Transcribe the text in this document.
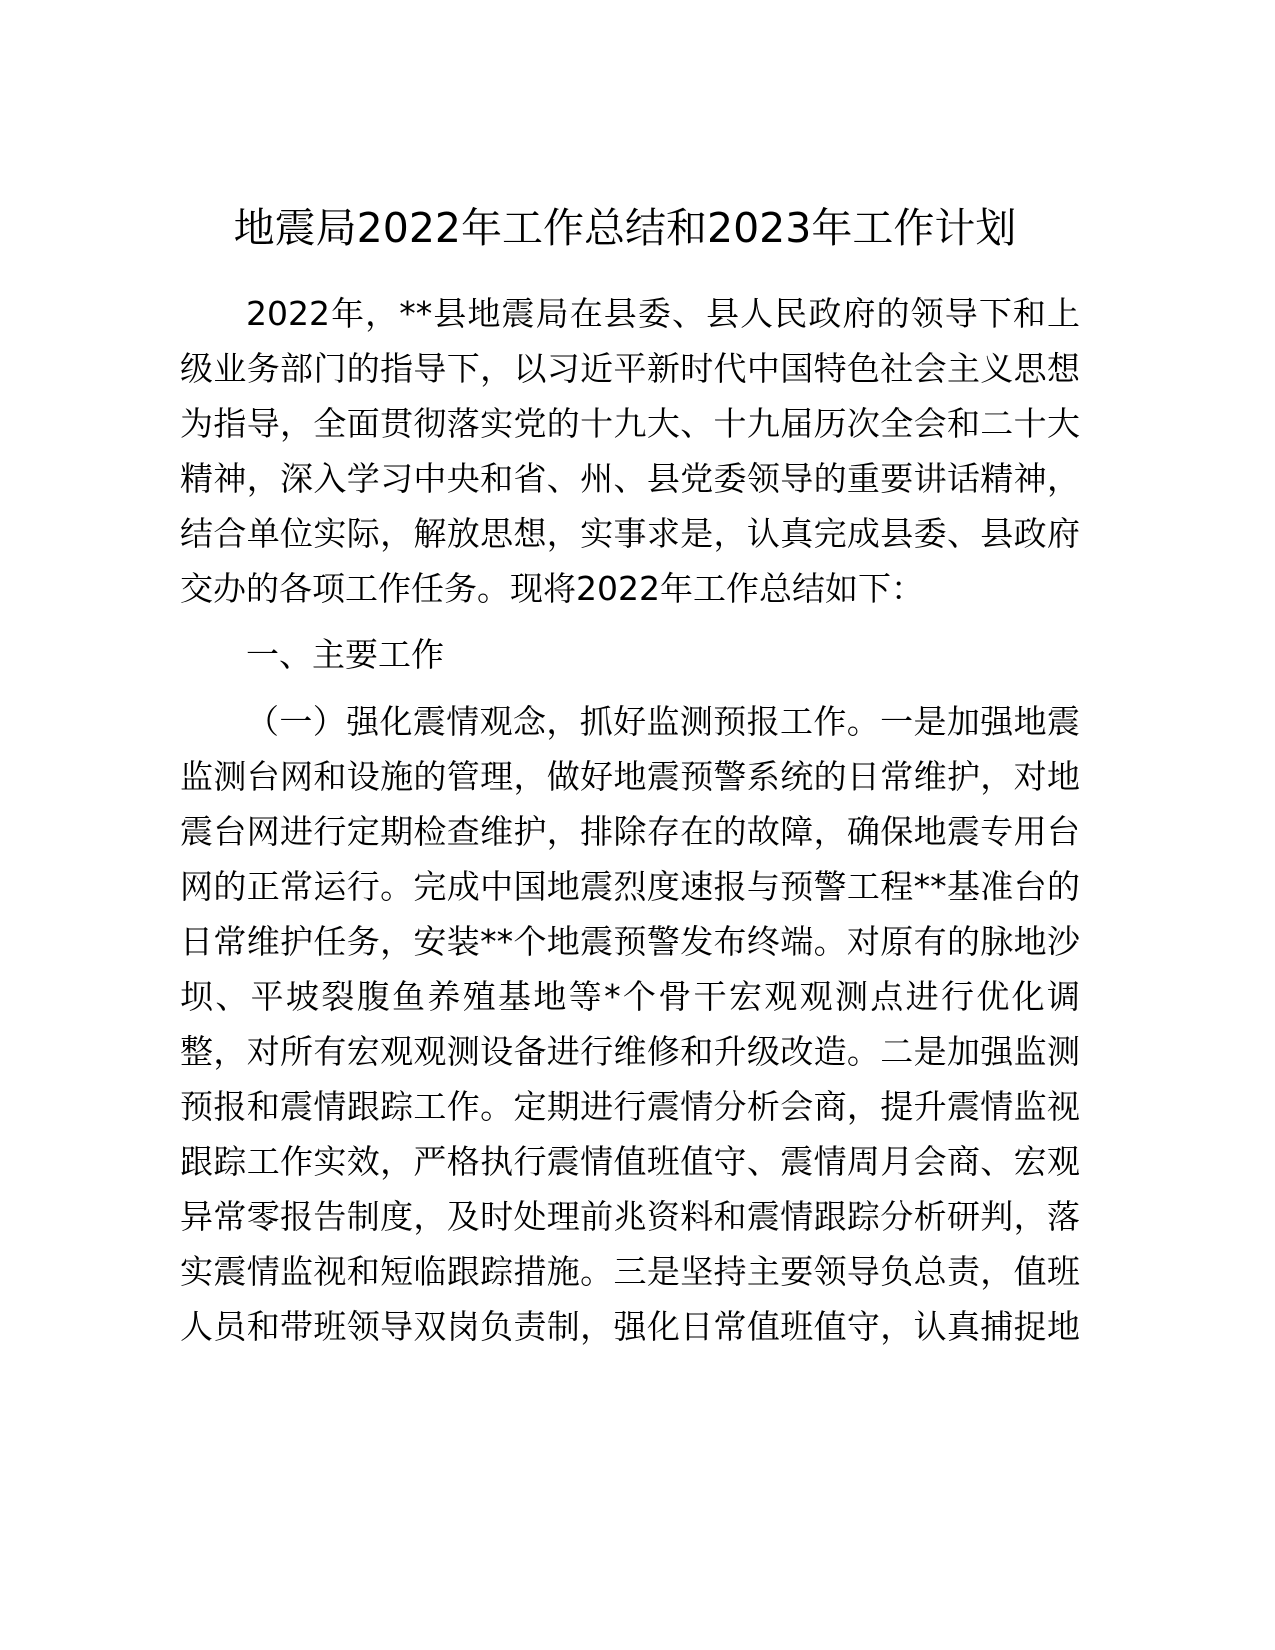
地震局2022年工作总结和2023年工作计划
2022年，**县地震局在县委、县人民政府的领导下和上
级业务部门的指导下，以习近平新时代中国特色社会主义思想
为指导，全面贯彻落实党的十九大、十九届历次全会和二十大
精神，深入学习中央和省、州、县党委领导的重要讲话精神，
结合单位实际，解放思想，实事求是，认真完成县委、县政府
交办的各项工作任务。现将2022年工作总结如下：
一、主要工作
（一）强化震情观念，抓好监测预报工作。一是加强地震
监测台网和设施的管理，做好地震预警系统的日常维护，对地
震台网进行定期检查维护，排除存在的故障，确保地震专用台
网的正常运行。完成中国地震烈度速报与预警工程**基准台的
日常维护任务，安装**个地震预警发布终端。对原有的脉地沙
坝、平坡裂腹鱼养殖基地等*个骨干宏观观测点进行优化调
整，对所有宏观观测设备进行维修和升级改造。二是加强监测
预报和震情跟踪工作。定期进行震情分析会商，提升震情监视
跟踪工作实效，严格执行震情值班值守、震情周月会商、宏观
异常零报告制度，及时处理前兆资料和震情跟踪分析研判，落
实震情监视和短临跟踪措施。三是坚持主要领导负总责，值班
人员和带班领导双岗负责制，强化日常值班值守，认真捕捉地
